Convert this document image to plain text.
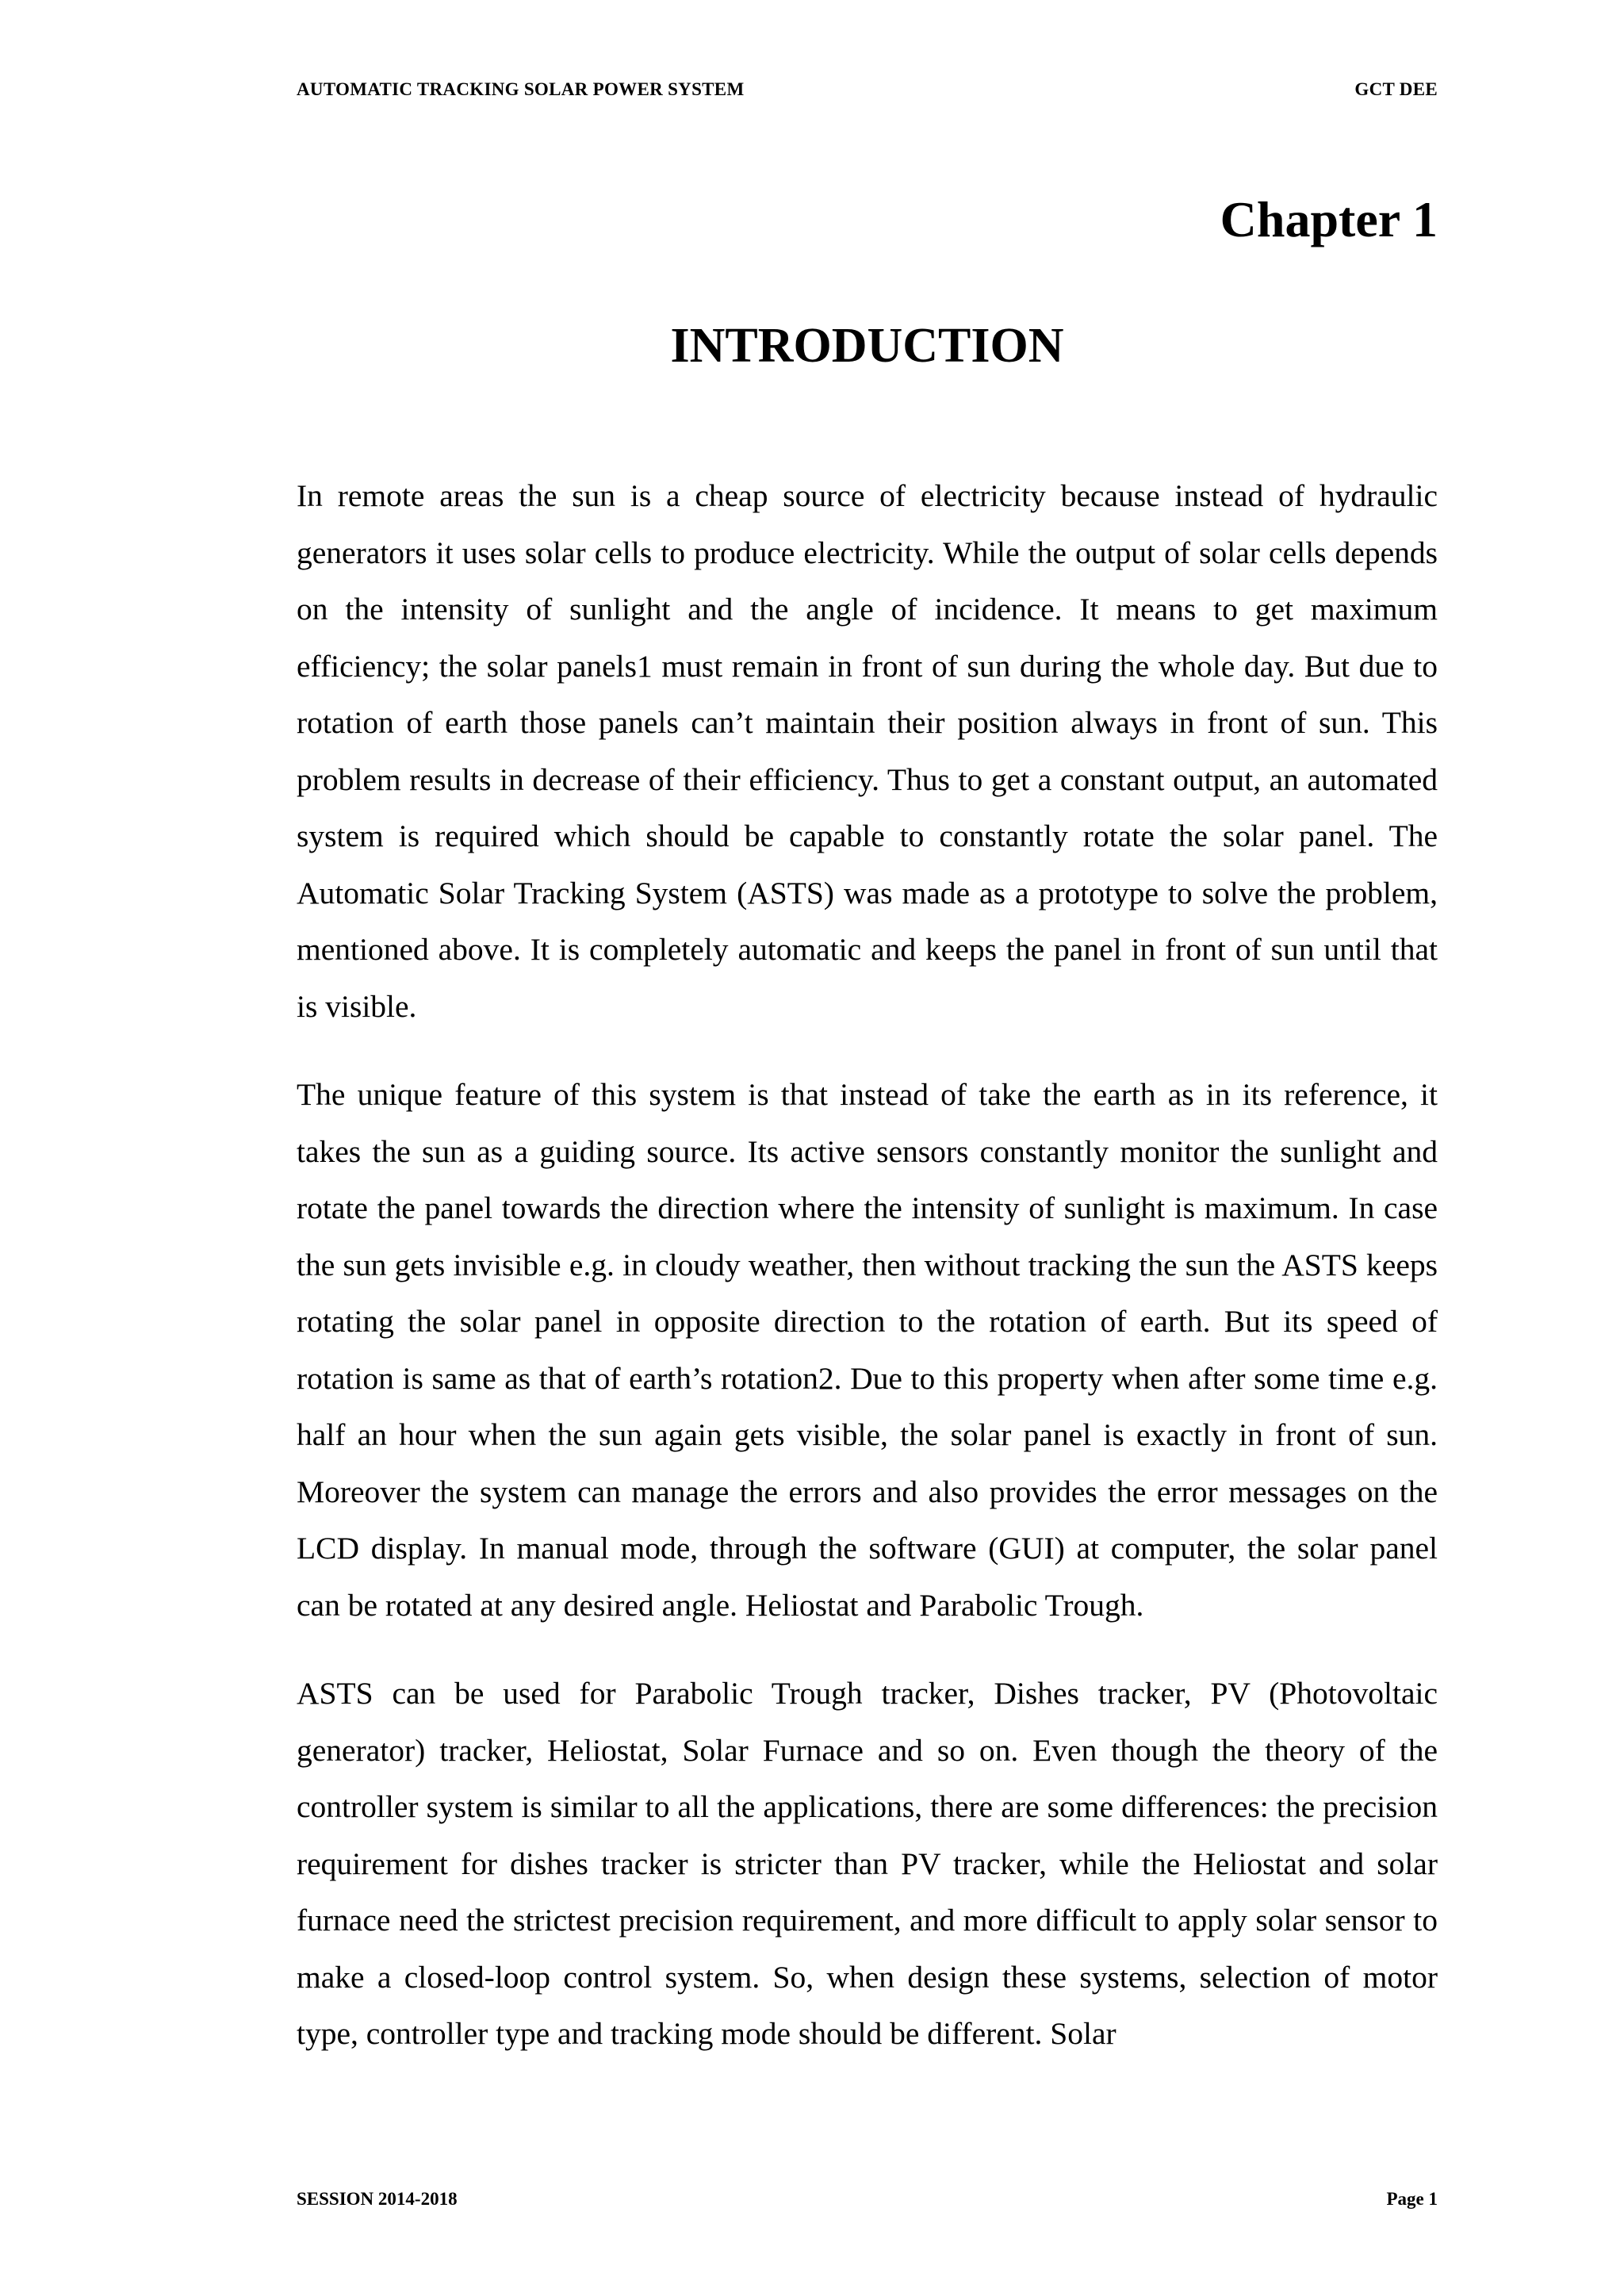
AUTOMATIC TRACKING SOLAR POWER SYSTEM	GCT DEE
Chapter 1
INTRODUCTION

In remote areas the sun is a cheap source of electricity because instead of hydraulic generators it uses solar cells to produce electricity. While the output of solar cells depends on the intensity of sunlight and the angle of incidence. It means to get maximum efficiency; the solar panels1 must remain in front of sun during the whole day. But due to rotation of earth those panels can’t maintain their position always in front of sun. This problem results in decrease of their efficiency. Thus to get a constant output, an automated system is required which should be capable to constantly rotate the solar panel. The Automatic Solar Tracking System (ASTS) was made as a prototype to solve the problem, mentioned above. It is completely automatic and keeps the panel in front of sun until that is visible.

The unique feature of this system is that instead of take the earth as in its reference, it takes the sun as a guiding source. Its active sensors constantly monitor the sunlight and rotate the panel towards the direction where the intensity of sunlight is maximum. In case the sun gets invisible e.g. in cloudy weather, then without tracking the sun the ASTS keeps rotating the solar panel in opposite direction to the rotation of earth. But its speed of rotation is same as that of earth’s rotation2. Due to this property when after some time e.g. half an hour when the sun again gets visible, the solar panel is exactly in front of sun. Moreover the system can manage the errors and also provides the error messages on the LCD display. In manual mode, through the software (GUI) at computer, the solar panel can be rotated at any desired angle. Heliostat and Parabolic Trough.

ASTS can be used for Parabolic Trough tracker, Dishes tracker, PV (Photovoltaic generator) tracker, Heliostat, Solar Furnace and so on. Even though the theory of the controller system is similar to all the applications, there are some differences: the precision requirement for dishes tracker is stricter than PV tracker, while the Heliostat and solar furnace need the strictest precision requirement, and more difficult to apply solar sensor to make a closed-loop control system. So, when design these systems, selection of motor type, controller type and tracking mode should be different. Solar

SESSION 2014-2018	Page 1
